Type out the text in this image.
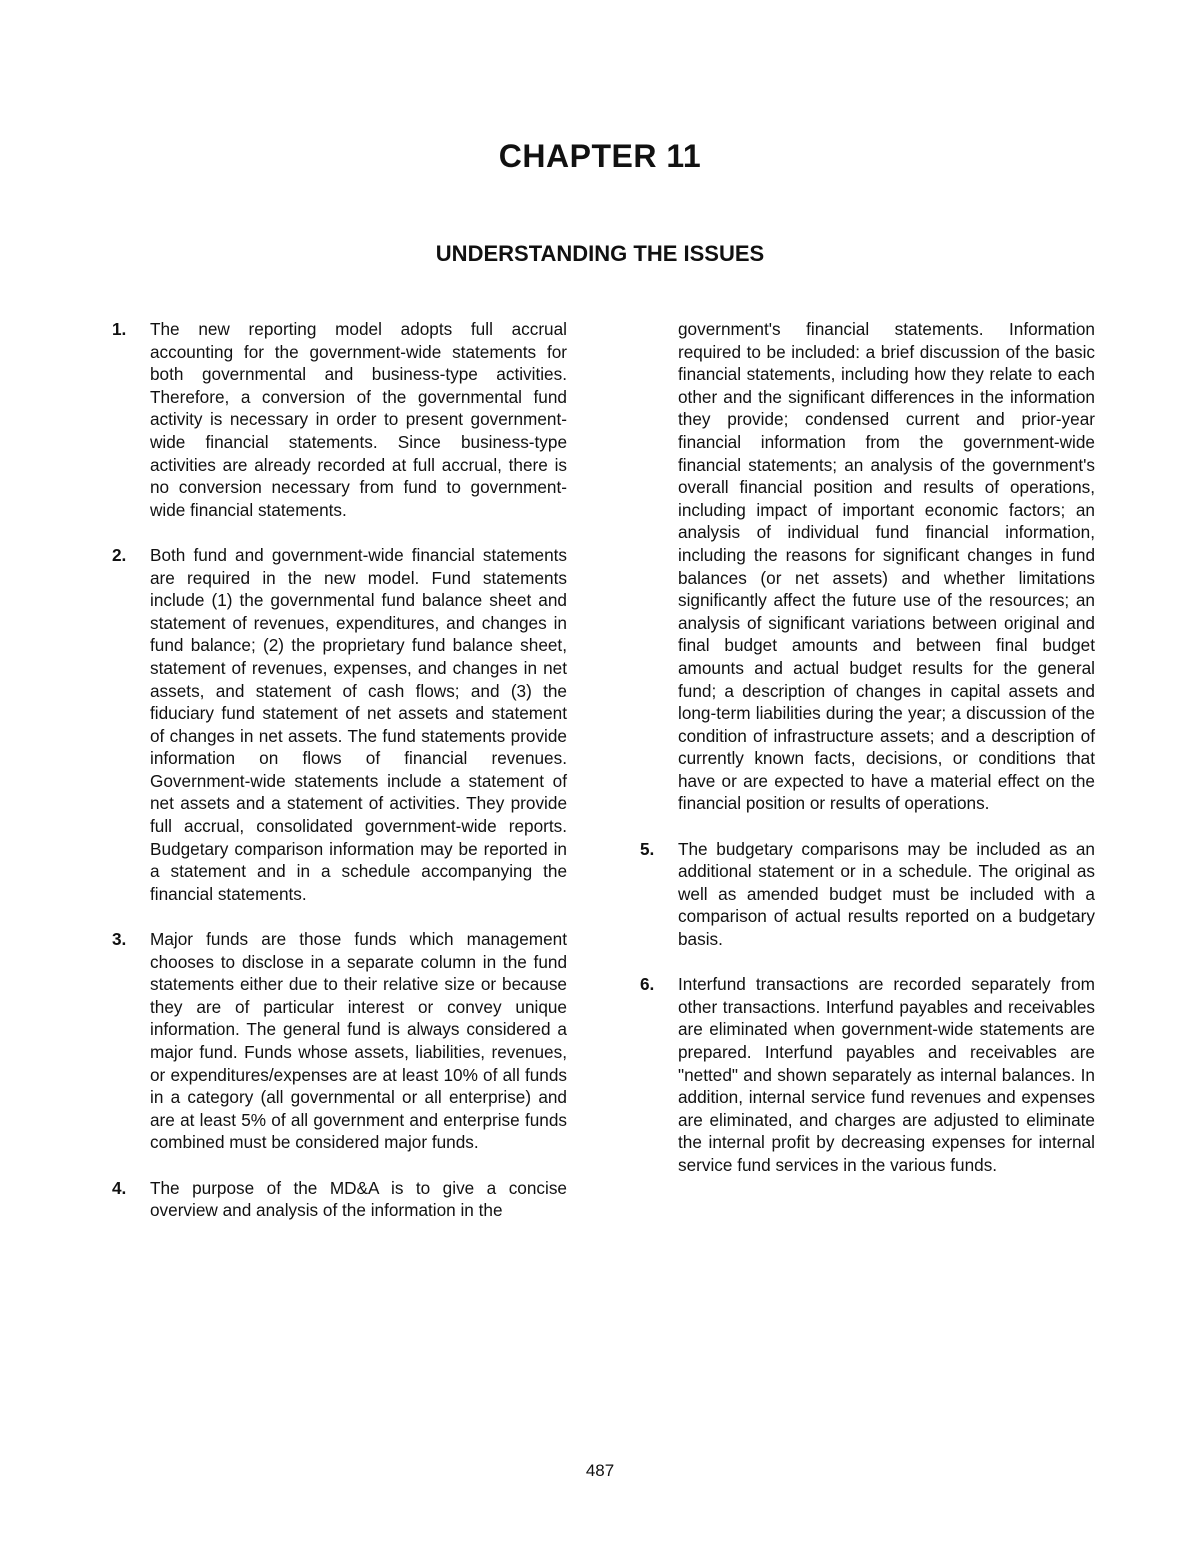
CHAPTER 11
UNDERSTANDING THE ISSUES
1.	The new reporting model adopts full accrual accounting for the government-wide statements for both governmental and business-type activities. Therefore, a conversion of the governmental fund activity is necessary in order to present government-wide financial statements. Since business-type activities are already recorded at full accrual, there is no conversion necessary from fund to government-wide financial statements.
2.	Both fund and government-wide financial statements are required in the new model. Fund statements include (1) the governmental fund balance sheet and statement of revenues, expenditures, and changes in fund balance; (2) the proprietary fund balance sheet, statement of revenues, expenses, and changes in net assets, and statement of cash flows; and (3) the fiduciary fund statement of net assets and statement of changes in net assets. The fund statements provide information on flows of financial revenues. Government-wide statements include a statement of net assets and a statement of activities. They provide full accrual, consolidated government-wide reports. Budgetary comparison information may be reported in a statement and in a schedule accompanying the financial statements.
3.	Major funds are those funds which management chooses to disclose in a separate column in the fund statements either due to their relative size or because they are of particular interest or convey unique information. The general fund is always considered a major fund. Funds whose assets, liabilities, revenues, or expenditures/expenses are at least 10% of all funds in a category (all governmental or all enterprise) and are at least 5% of all government and enterprise funds combined must be considered major funds.
4.	The purpose of the MD&A is to give a concise overview and analysis of the information in the
government's financial statements. Information required to be included: a brief discussion of the basic financial statements, including how they relate to each other and the significant differences in the information they provide; condensed current and prior-year financial information from the government-wide financial statements; an analysis of the government's overall financial position and results of operations, including impact of important economic factors; an analysis of individual fund financial information, including the reasons for significant changes in fund balances (or net assets) and whether limitations significantly affect the future use of the resources; an analysis of significant variations between original and final budget amounts and between final budget amounts and actual budget results for the general fund; a description of changes in capital assets and long-term liabilities during the year; a discussion of the condition of infrastructure assets; and a description of currently known facts, decisions, or conditions that have or are expected to have a material effect on the financial position or results of operations.
5.	The budgetary comparisons may be included as an additional statement or in a schedule. The original as well as amended budget must be included with a comparison of actual results reported on a budgetary basis.
6.	Interfund transactions are recorded separately from other transactions. Interfund payables and receivables are eliminated when government-wide statements are prepared. Interfund payables and receivables are "netted" and shown separately as internal balances. In addition, internal service fund revenues and expenses are eliminated, and charges are adjusted to eliminate the internal profit by decreasing expenses for internal service fund services in the various funds.
487
